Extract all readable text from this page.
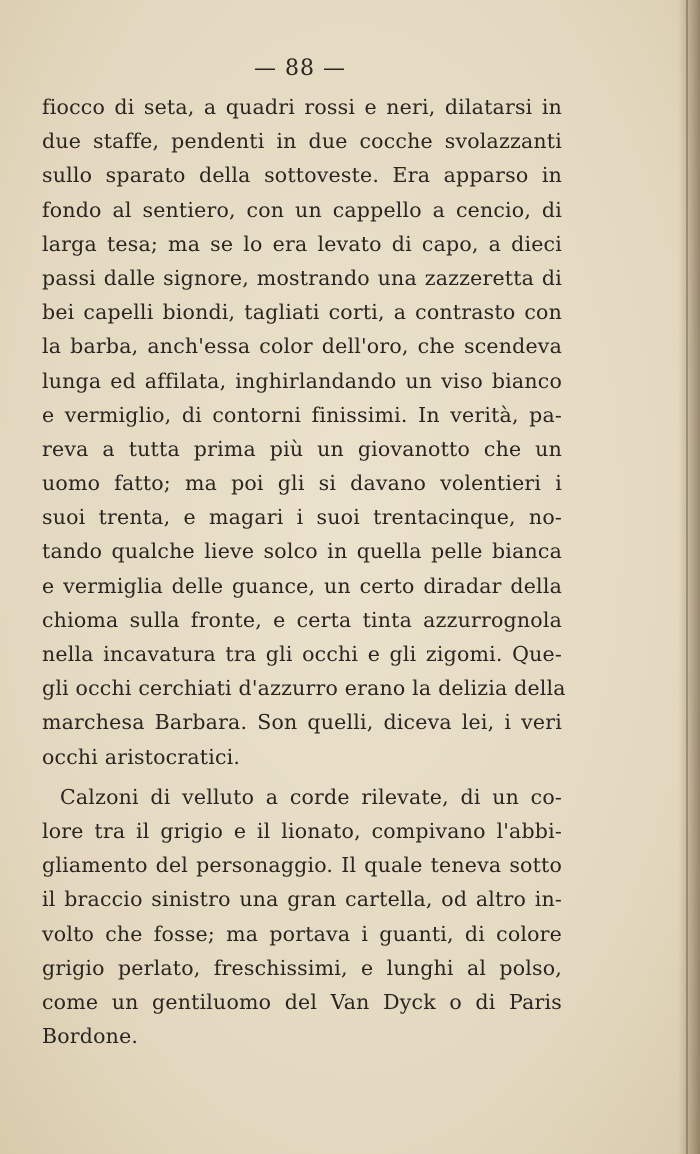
— 88 —
fiocco di seta, a quadri rossi e neri, dilatarsi in
due staffe, pendenti in due cocche svolazzanti
sullo sparato della sottoveste. Era apparso in
fondo al sentiero, con un cappello a cencio, di
larga tesa; ma se lo era levato di capo, a dieci
passi dalle signore, mostrando una zazzeretta di
bei capelli biondi, tagliati corti, a contrasto con
la barba, anch'essa color dell'oro, che scendeva
lunga ed affilata, inghirlandando un viso bianco
e vermiglio, di contorni finissimi. In verità, pa-
reva a tutta prima più un giovanotto che un
uomo fatto; ma poi gli si davano volentieri i
suoi trenta, e magari i suoi trentacinque, no-
tando qualche lieve solco in quella pelle bianca
e vermiglia delle guance, un certo diradar della
chioma sulla fronte, e certa tinta azzurrognola
nella incavatura tra gli occhi e gli zigomi. Que-
gli occhi cerchiati d'azzurro erano la delizia della
marchesa Barbara. Son quelli, diceva lei, i veri
occhi aristocratici.
Calzoni di velluto a corde rilevate, di un co-
lore tra il grigio e il lionato, compivano l'abbi-
gliamento del personaggio. Il quale teneva sotto
il braccio sinistro una gran cartella, od altro in-
volto che fosse; ma portava i guanti, di colore
grigio perlato, freschissimi, e lunghi al polso,
come un gentiluomo del Van Dyck o di Paris
Bordone.
